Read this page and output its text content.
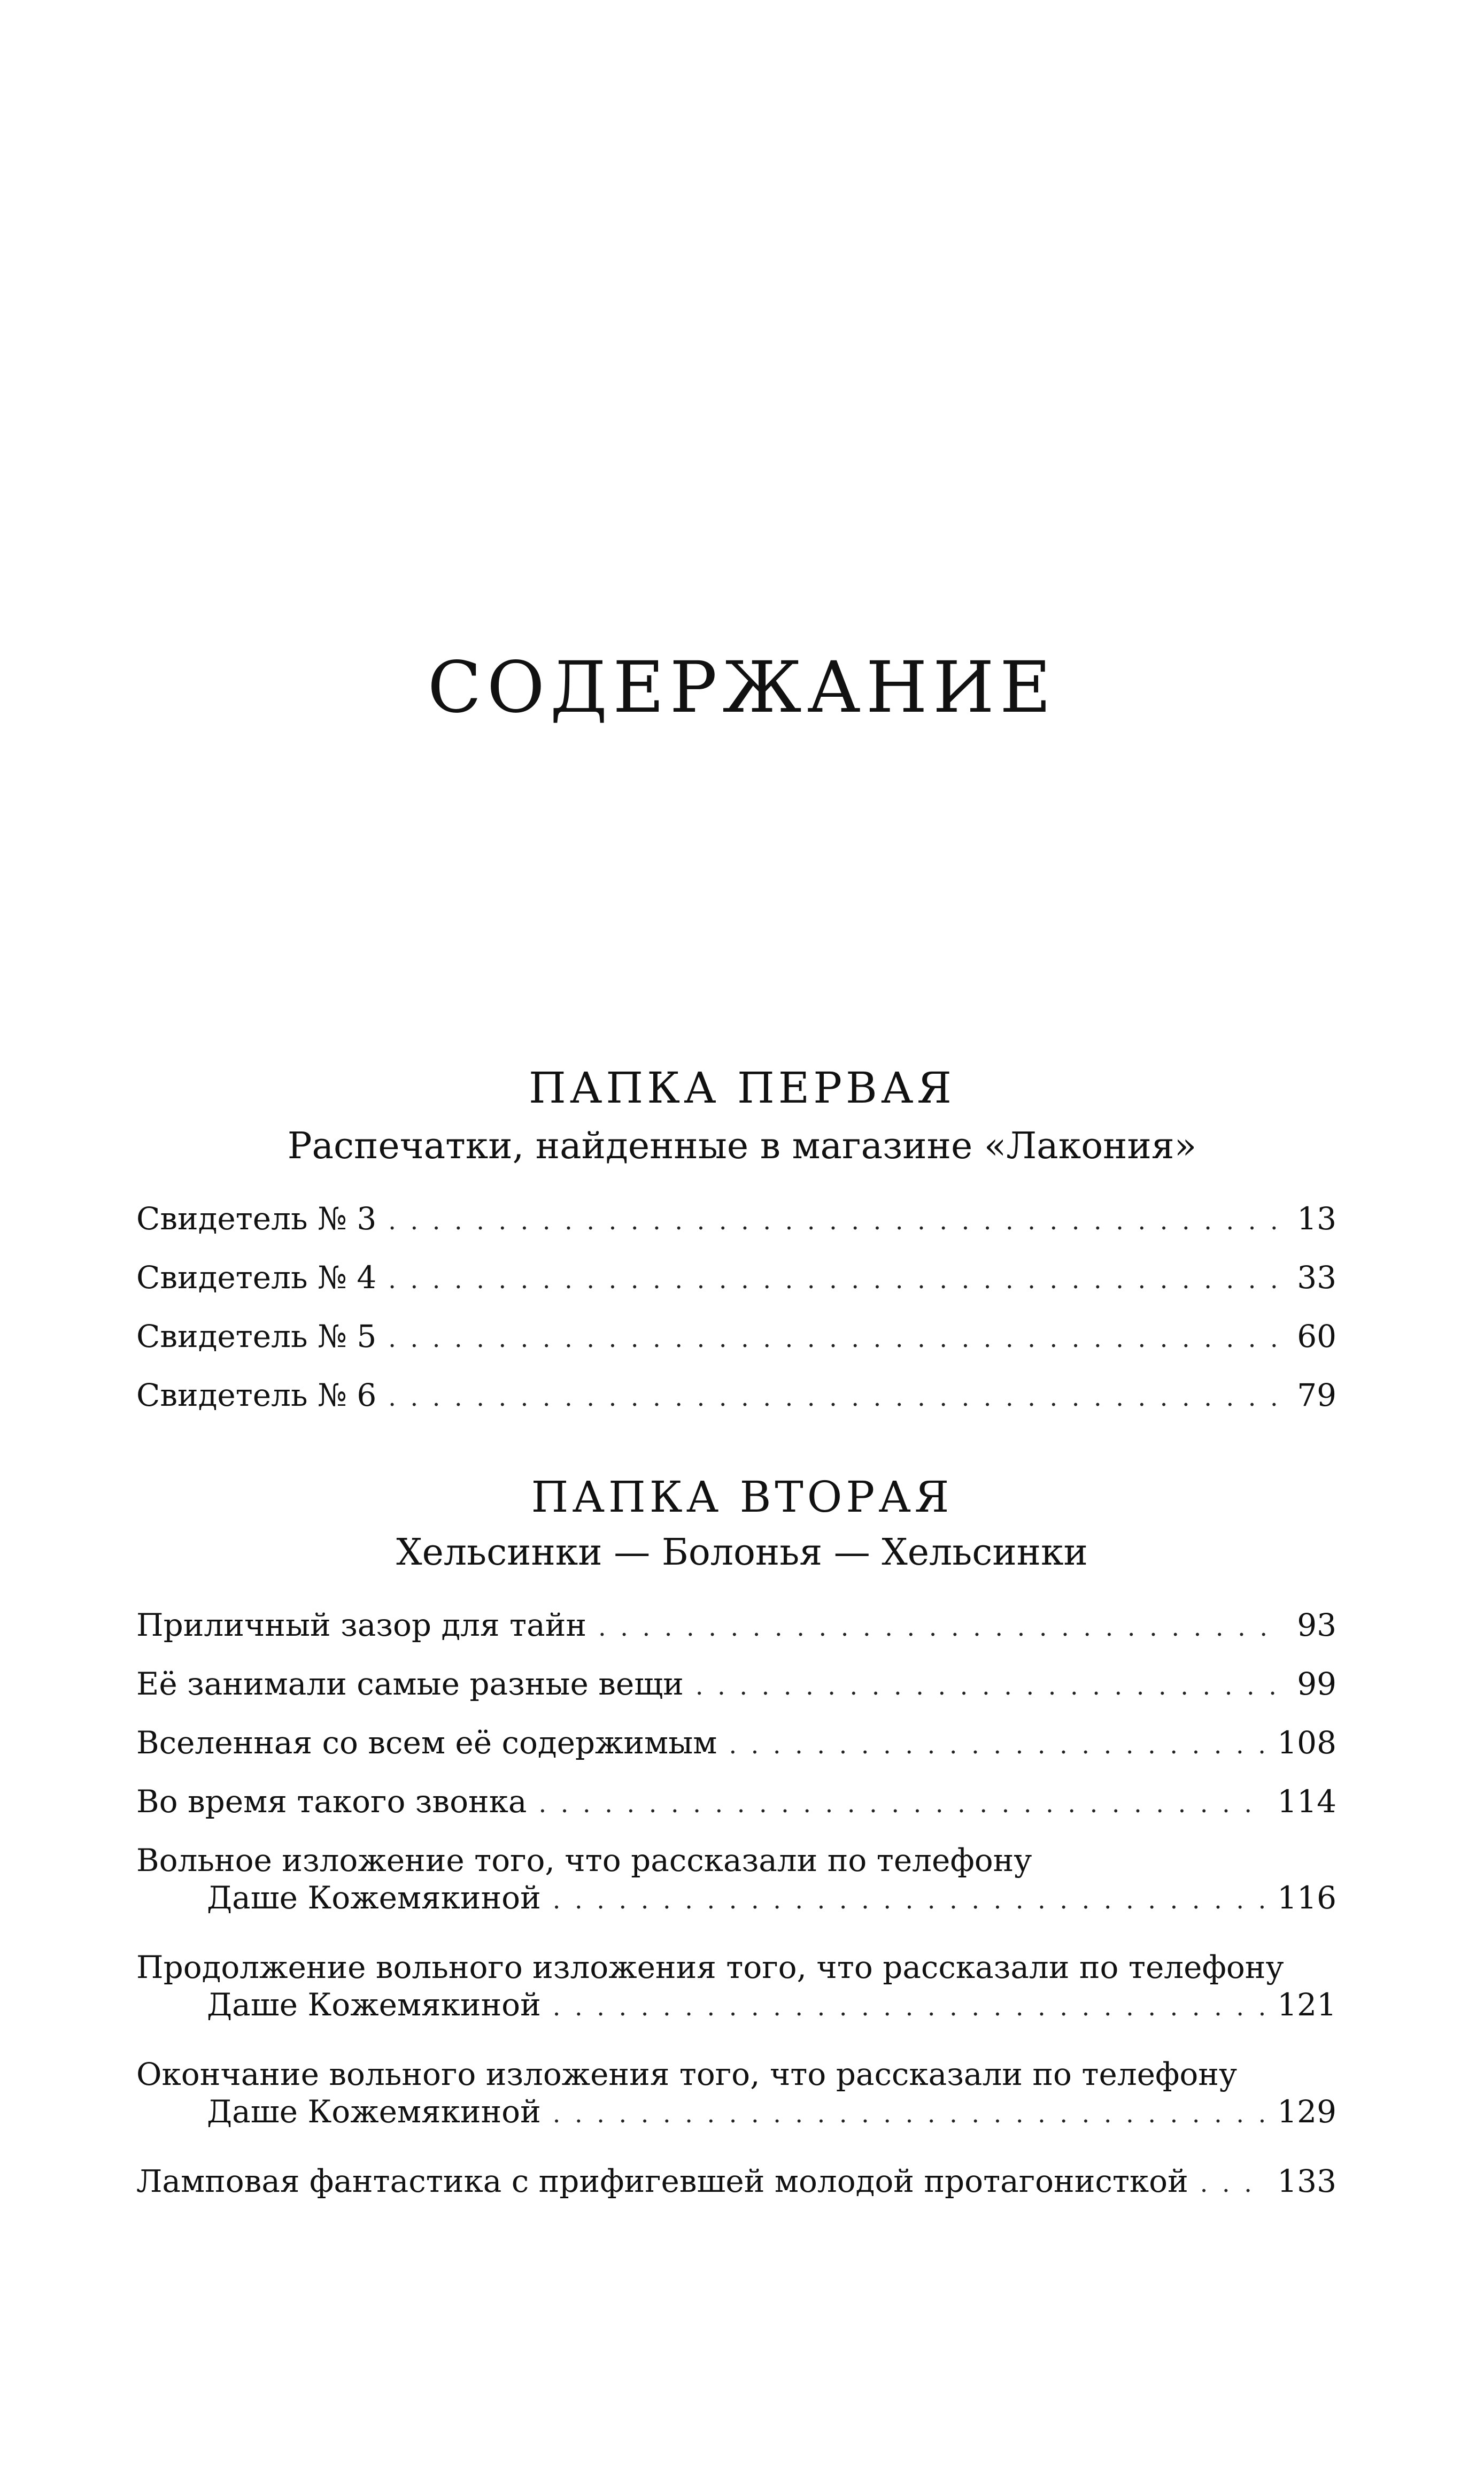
СОДЕРЖАНИЕ
ПАПКА ПЕРВАЯ

Распечатки, найденные в магазине «Лакония»

Свидетель № 3 . . .	13
Свидетель № 4 . . .	33
Свидетель № 5 . . .	60
Свидетель № 6 . . .	79
ПАПКА ВТОРАЯ

Хельсинки — Болонья — Хельсинки

Приличный зазор для тайн . . .	93
Её занимали самые разные вещи . . .	99
Вселенная со всем её содержимым . . .	108
Во время такого звонка . . .	114
Вольное изложение того, что рассказали по телефону
Даше Кожемякиной . . .	116
Продолжение вольного изложения того, что рассказали по телефону
Даше Кожемякиной . . .	121
Окончание вольного изложения того, что рассказали по телефону
Даше Кожемякиной . . .	129
Ламповая фантастика с прифигевшей молодой протагонисткой . . .	133
